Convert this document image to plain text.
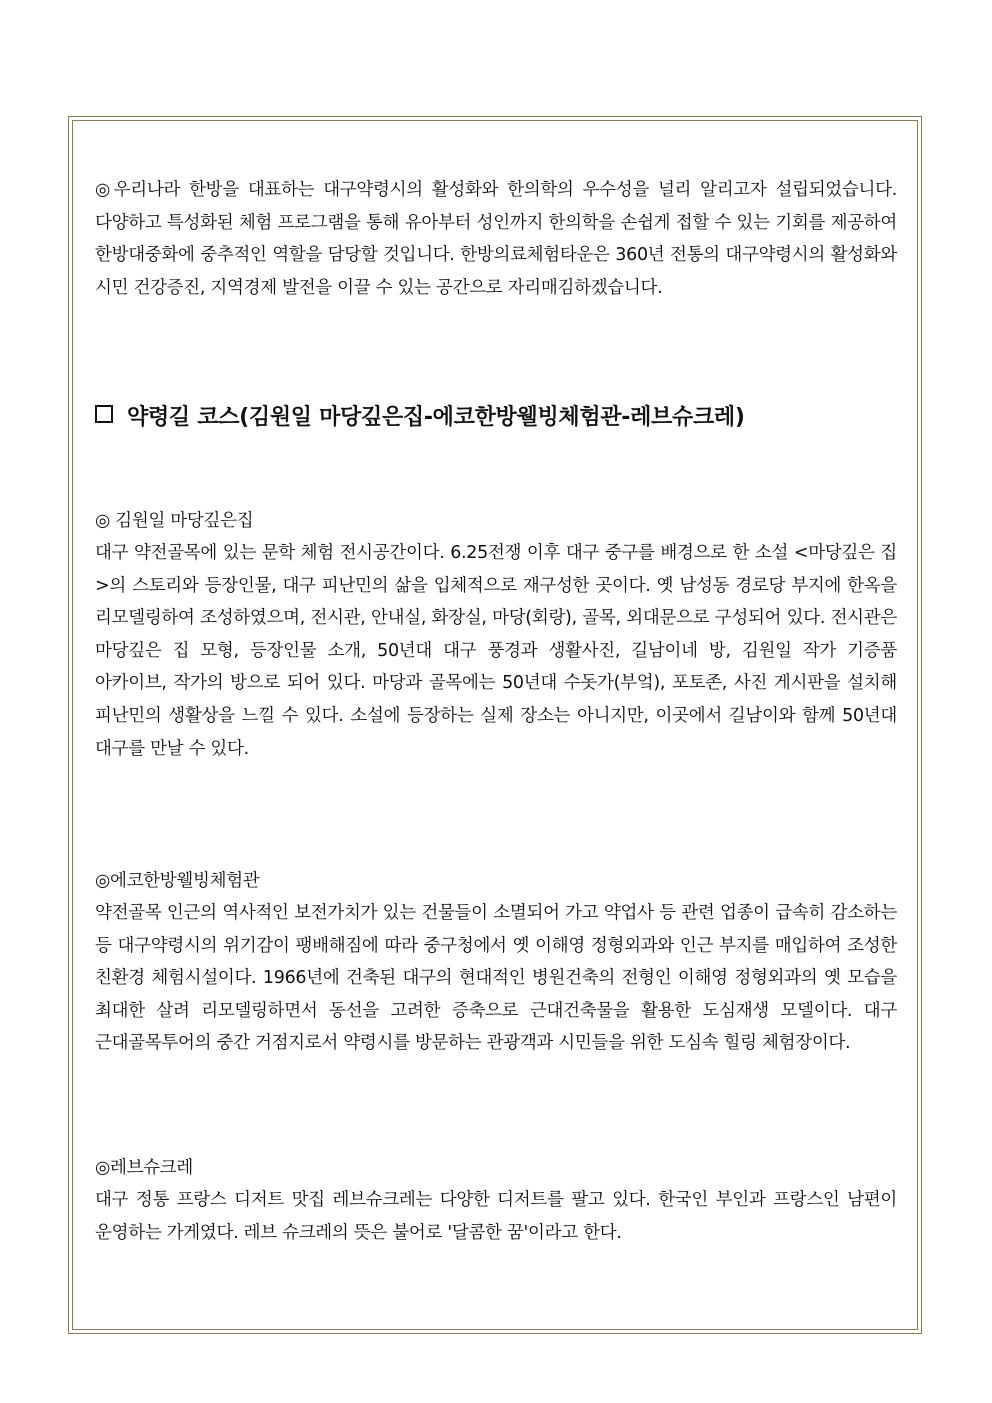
◎우리나라 한방을 대표하는 대구약령시의 활성화와 한의학의 우수성을 널리 알리고자 설립되었습니다. 다양하고 특성화된 체험 프로그램을 통해 유아부터 성인까지 한의학을 손쉽게 접할 수 있는 기회를 제공하여 한방대중화에 중추적인 역할을 담당할 것입니다. 한방의료체험타운은 360년 전통의 대구약령시의 활성화와 시민 건강증진, 지역경제 발전을 이끌 수 있는 공간으로 자리매김하겠습니다.

약령길 코스(김원일 마당깊은집-에코한방웰빙체험관-레브슈크레)

◎ 김원일 마당깊은집

대구 약전골목에 있는 문학 체험 전시공간이다. 6.25전쟁 이후 대구 중구를 배경으로 한 소설 <마당깊은 집>의 스토리와 등장인물, 대구 피난민의 삶을 입체적으로 재구성한 곳이다. 옛 남성동 경로당 부지에 한옥을 리모델링하여 조성하였으며, 전시관, 안내실, 화장실, 마당(회랑), 골목, 외대문으로 구성되어 있다. 전시관은 마당깊은 집 모형, 등장인물 소개, 50년대 대구 풍경과 생활사진, 길남이네 방, 김원일 작가 기증품 아카이브, 작가의 방으로 되어 있다. 마당과 골목에는 50년대 수돗가(부엌), 포토존, 사진 게시판을 설치해 피난민의 생활상을 느낄 수 있다. 소설에 등장하는 실제 장소는 아니지만, 이곳에서 길남이와 함께 50년대 대구를 만날 수 있다.

◎에코한방웰빙체험관

약전골목 인근의 역사적인 보전가치가 있는 건물들이 소멸되어 가고 약업사 등 관련 업종이 급속히 감소하는 등 대구약령시의 위기감이 팽배해짐에 따라 중구청에서 옛 이해영 정형외과와 인근 부지를 매입하여 조성한 친환경 체험시설이다. 1966년에 건축된 대구의 현대적인 병원건축의 전형인 이해영 정형외과의 옛 모습을 최대한 살려 리모델링하면서 동선을 고려한 증축으로 근대건축물을 활용한 도심재생 모델이다. 대구 근대골목투어의 중간 거점지로서 약령시를 방문하는 관광객과 시민들을 위한 도심속 힐링 체험장이다.

◎레브슈크레

대구 정통 프랑스 디저트 맛집 레브슈크레는 다양한 디저트를 팔고 있다. 한국인 부인과 프랑스인 남편이 운영하는 가게였다. 레브 슈크레의 뜻은 불어로 '달콤한 꿈'이라고 한다.
